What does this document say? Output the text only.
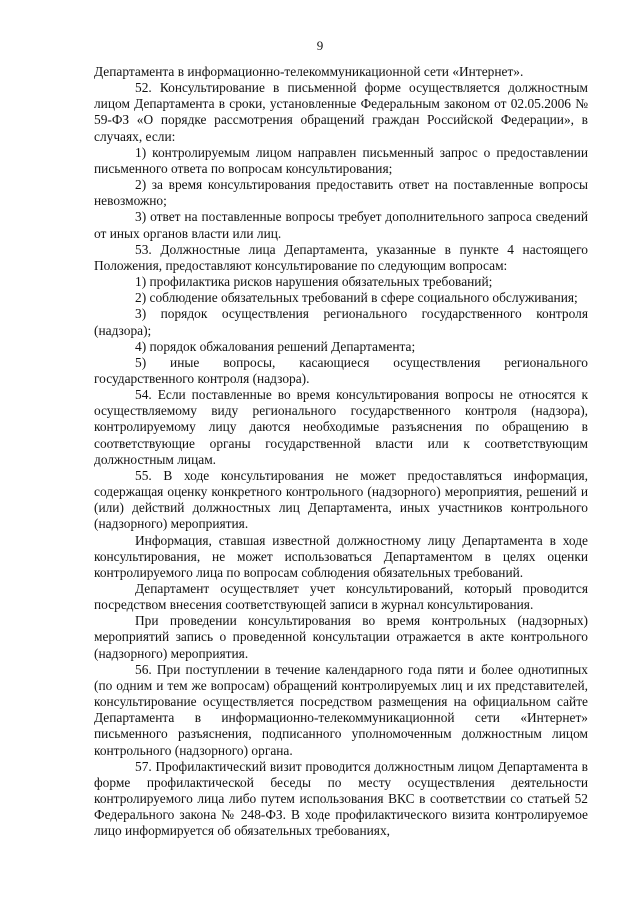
9

Департамента в информационно-телекоммуникационной сети «Интернет».

52. Консультирование в письменной форме осуществляется должностным лицом Департамента в сроки, установленные Федеральным законом от 02.05.2006 № 59-ФЗ «О порядке рассмотрения обращений граждан Российской Федерации», в случаях, если:

1) контролируемым лицом направлен письменный запрос о предоставлении письменного ответа по вопросам консультирования;

2) за время консультирования предоставить ответ на поставленные вопросы невозможно;

3) ответ на поставленные вопросы требует дополнительного запроса сведений от иных органов власти или лиц.

53. Должностные лица Департамента, указанные в пункте 4 настоящего Положения, предоставляют консультирование по следующим вопросам:

1) профилактика рисков нарушения обязательных требований;

2) соблюдение обязательных требований в сфере социального обслуживания;

3) порядок осуществления регионального государственного контроля (надзора);

4) порядок обжалования решений Департамента;

5) иные вопросы, касающиеся осуществления регионального государственного контроля (надзора).

54. Если поставленные во время консультирования вопросы не относятся к осуществляемому виду регионального государственного контроля (надзора), контролируемому лицу даются необходимые разъяснения по обращению в соответствующие органы государственной власти или к соответствующим должностным лицам.

55. В ходе консультирования не может предоставляться информация, содержащая оценку конкретного контрольного (надзорного) мероприятия, решений и (или) действий должностных лиц Департамента, иных участников контрольного (надзорного) мероприятия.

Информация, ставшая известной должностному лицу Департамента в ходе консультирования, не может использоваться Департаментом в целях оценки контролируемого лица по вопросам соблюдения обязательных требований.

Департамент осуществляет учет консультирований, который проводится посредством внесения соответствующей записи в журнал консультирования.

При проведении консультирования во время контрольных (надзорных) мероприятий запись о проведенной консультации отражается в акте контрольного (надзорного) мероприятия.

56. При поступлении в течение календарного года пяти и более однотипных (по одним и тем же вопросам) обращений контролируемых лиц и их представителей, консультирование осуществляется посредством размещения на официальном сайте Департамента в информационно-телекоммуникационной сети «Интернет» письменного разъяснения, подписанного уполномоченным должностным лицом контрольного (надзорного) органа.

57. Профилактический визит проводится должностным лицом Департамента в форме профилактической беседы по месту осуществления деятельности контролируемого лица либо путем использования ВКС в соответствии со статьей 52 Федерального закона № 248-ФЗ. В ходе профилактического визита контролируемое лицо информируется об обязательных требованиях,
